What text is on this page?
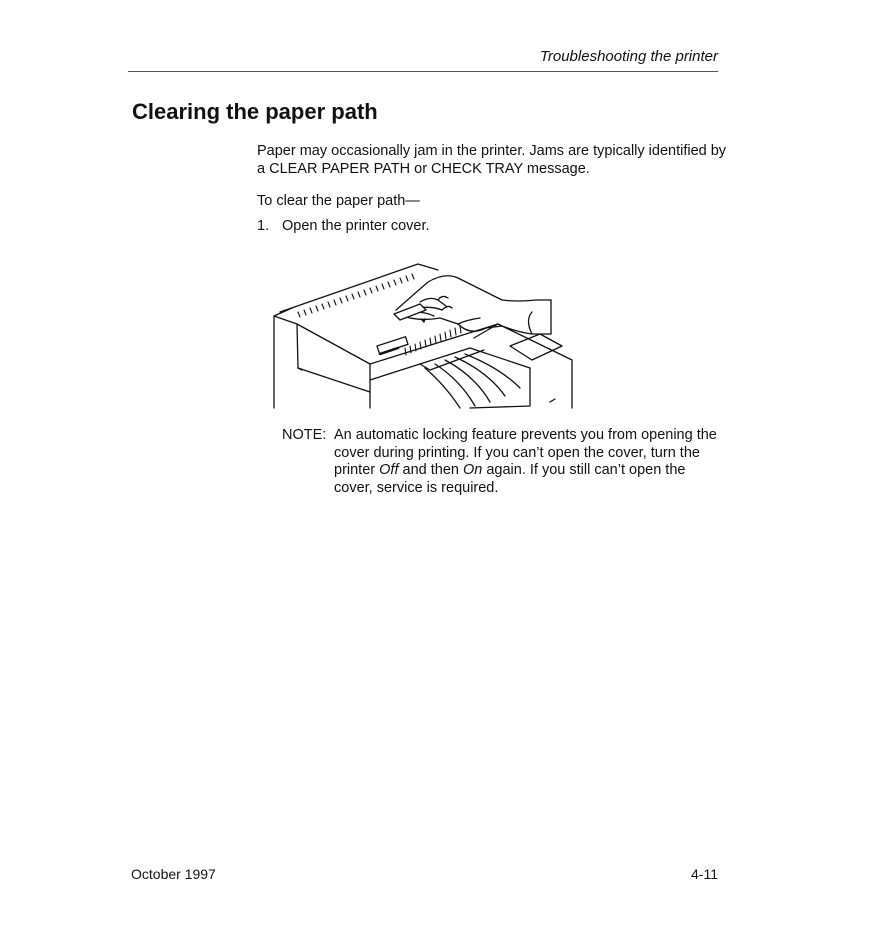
Troubleshooting the printer
Clearing the paper path

Paper may occasionally jam in the printer. Jams are typically identified by a CLEAR PAPER PATH or CHECK TRAY message.

To clear the paper path—

1. Open the printer cover.
NOTE: An automatic locking feature prevents you from opening the cover during printing. If you can’t open the cover, turn the printer Off and then On again. If you still can’t open the cover, service is required.
October 1997	4-11
